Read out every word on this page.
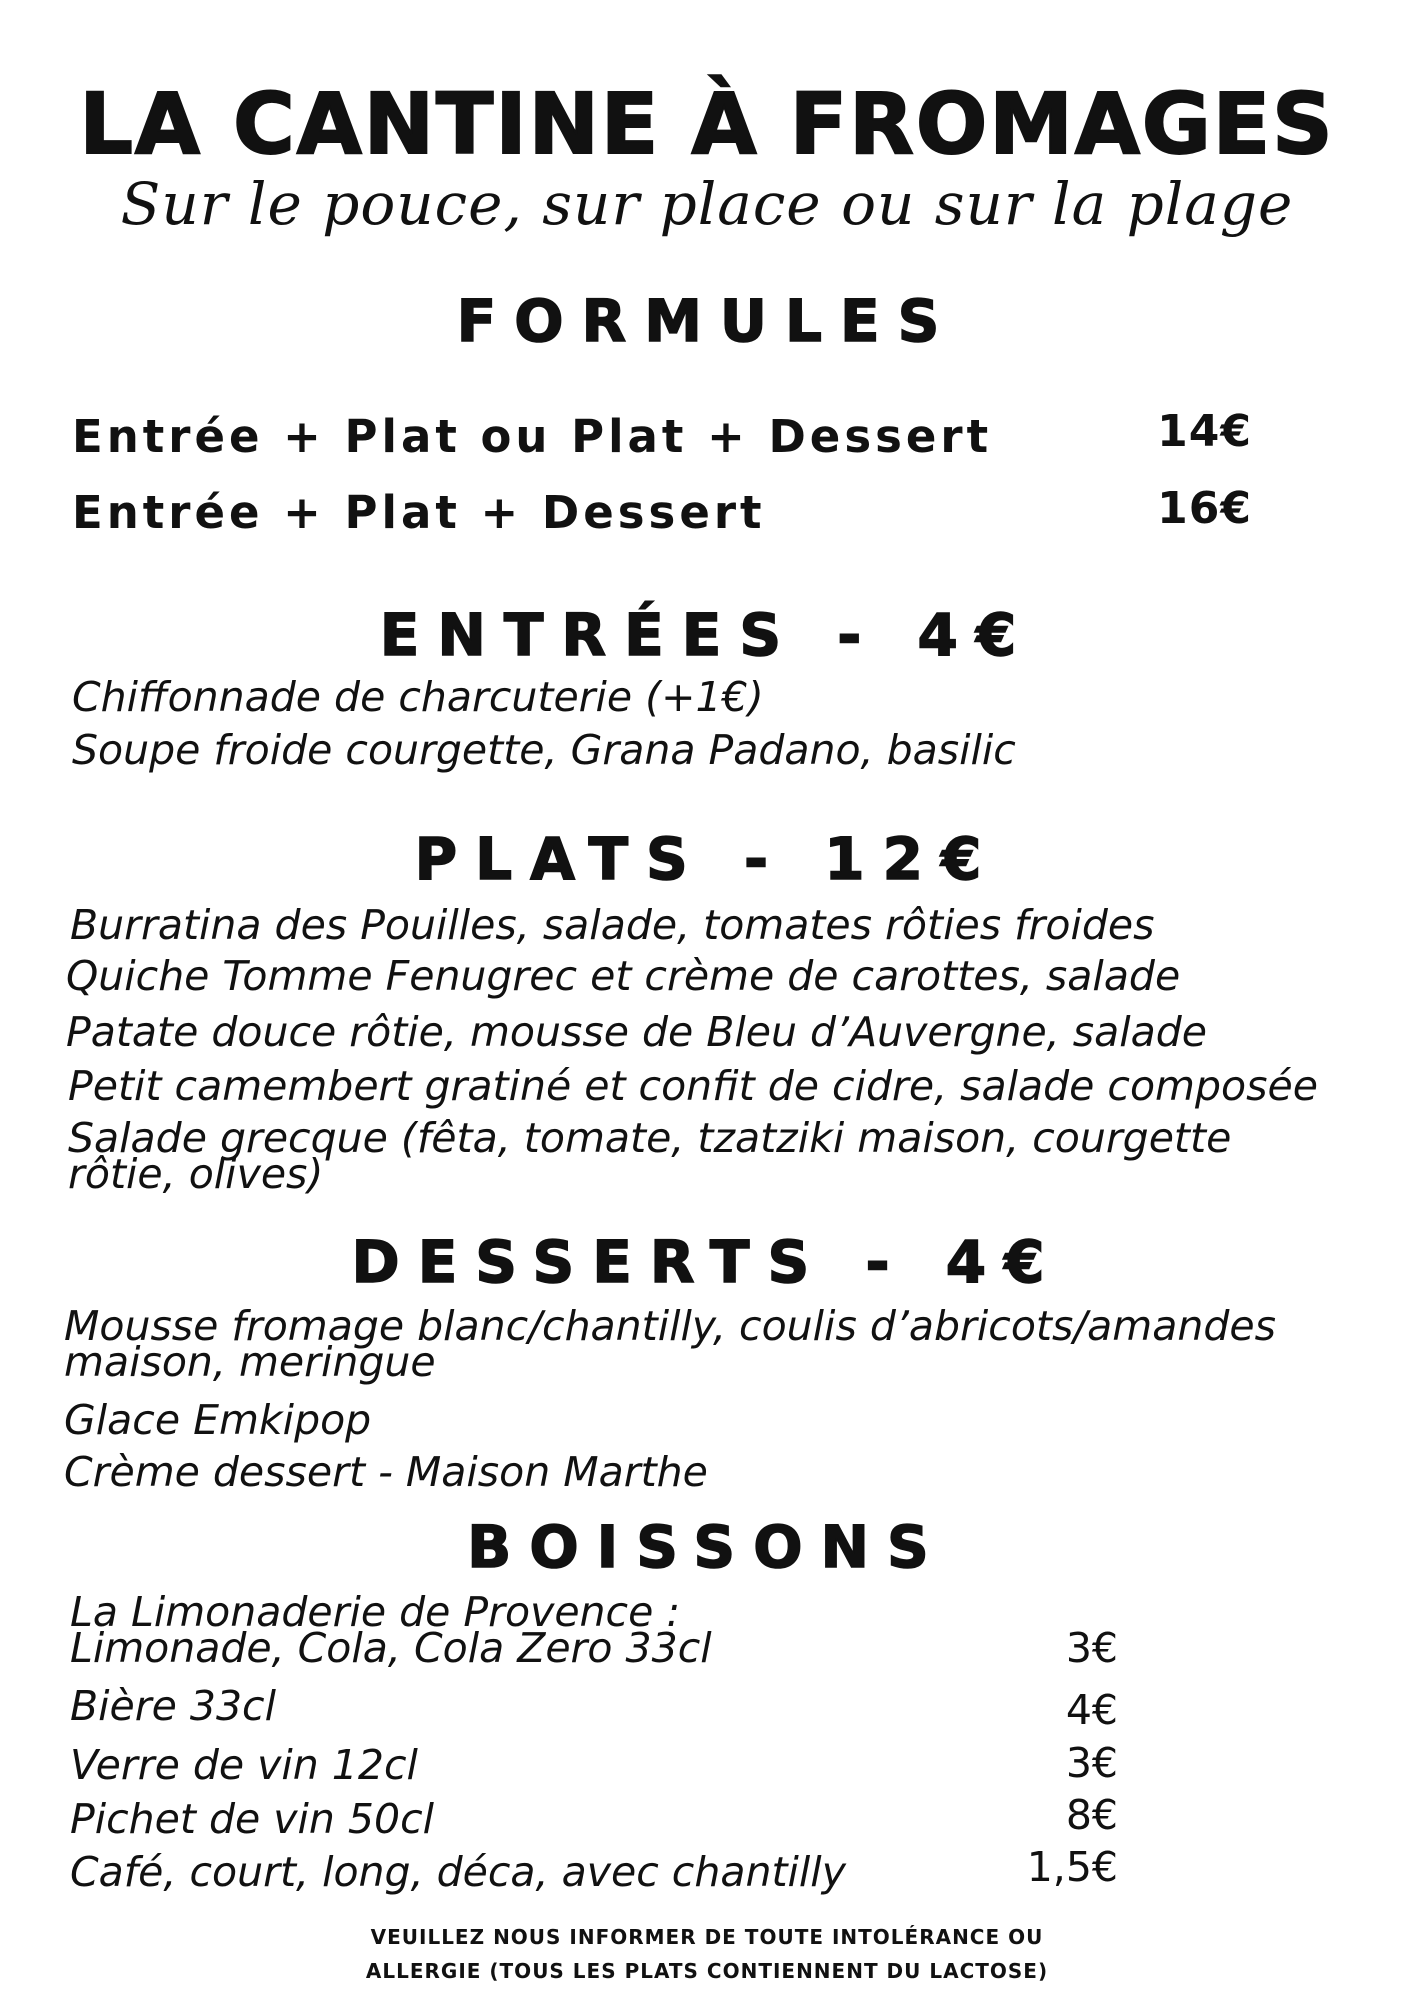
LA CANTINE À FROMAGES
Sur le pouce, sur place ou sur la plage
FORMULES
Entrée + Plat ou Plat + Dessert	14€
Entrée + Plat + Dessert	16€
ENTRÉES - 4€
Chiffonnade de charcuterie (+1€)
Soupe froide courgette, Grana Padano, basilic
PLATS - 12€
Burratina des Pouilles, salade, tomates rôties froides
Quiche Tomme Fenugrec et crème de carottes, salade
Patate douce rôtie, mousse de Bleu d’Auvergne, salade
Petit camembert gratiné et confit de cidre, salade composée
Salade grecque (fêta, tomate, tzatziki maison, courgette rôtie, olives)
DESSERTS - 4€
Mousse fromage blanc/chantilly, coulis d’abricots/amandes maison, meringue
Glace Emkipop
Crème dessert - Maison Marthe
BOISSONS
La Limonaderie de Provence : Limonade, Cola, Cola Zero 33cl	3€
Bière 33cl	4€
Verre de vin 12cl	3€
Pichet de vin 50cl	8€
Café, court, long, déca, avec chantilly	1,5€
VEUILLEZ NOUS INFORMER DE TOUTE INTOLÉRANCE OU ALLERGIE (TOUS LES PLATS CONTIENNENT DU LACTOSE)
